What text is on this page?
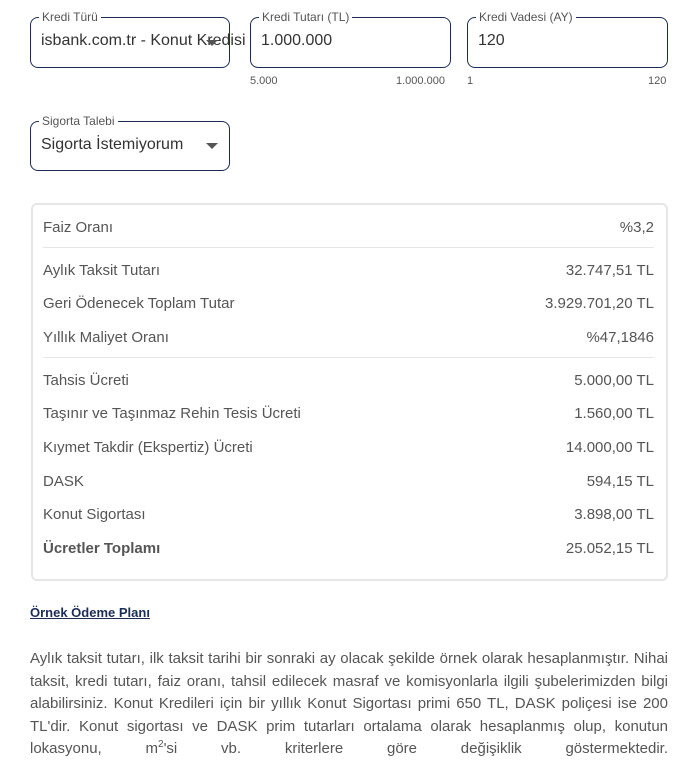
Kredi Türü
isbank.com.tr - Konut Kredisi
Kredi Tutarı (TL)
1.000.000
5.000	1.000.000
Kredi Vadesi (AY)
120
1	120
Sigorta Talebi
Sigorta İstemiyorum
Faiz Oranı	%3,2
Aylık Taksit Tutarı	32.747,51 TL
Geri Ödenecek Toplam Tutar	3.929.701,20 TL
Yıllık Maliyet Oranı	%47,1846
Tahsis Ücreti	5.000,00 TL
Taşınır ve Taşınmaz Rehin Tesis Ücreti	1.560,00 TL
Kıymet Takdir (Ekspertiz) Ücreti	14.000,00 TL
DASK	594,15 TL
Konut Sigortası	3.898,00 TL
Ücretler Toplamı	25.052,15 TL
Örnek Ödeme Planı

Aylık taksit tutarı, ilk taksit tarihi bir sonraki ay olacak şekilde örnek olarak hesaplanmıştır. Nihai taksit, kredi tutarı, faiz oranı, tahsil edilecek masraf ve komisyonlarla ilgili şubelerimizden bilgi alabilirsiniz. Konut Kredileri için bir yıllık Konut Sigortası primi 650 TL, DASK poliçesi ise 200 TL'dir. Konut sigortası ve DASK prim tutarları ortalama olarak hesaplanmış olup, konutun lokasyonu, $m^2'si$ vb. kriterlere göre değişiklik göstermektedir.
